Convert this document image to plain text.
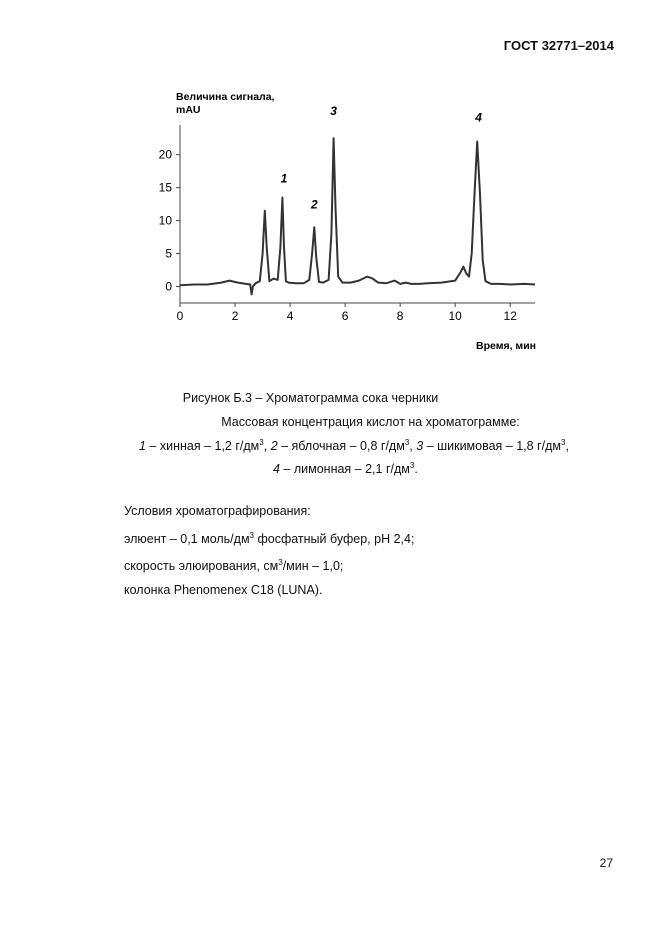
ГОСТ 32771–2014
Величина сигнала,
mAU
Время, мин
0
5
10
15
20
0	2	4	6	8	10	12
1
2
3	4
Рисунок Б.3 – Хроматограмма сока черники
Массовая концентрация кислот на хроматограмме:
1 – хинная – 1,2 $г/дм^3$, 2 – яблочная – 0,8 $г/дм^3$, 3 – шикимовая – 1,8 $г/дм^3$,
4 – лимонная – 2,1 $г/дм^3$.
Условия хроматографирования:
элюент – 0,1 моль/$дм^3$ фосфатный буфер, pH 2,4;
скорость элюирования, $см^3$/мин – 1,0;
колонка Phenomenex C18 (LUNA).
27
